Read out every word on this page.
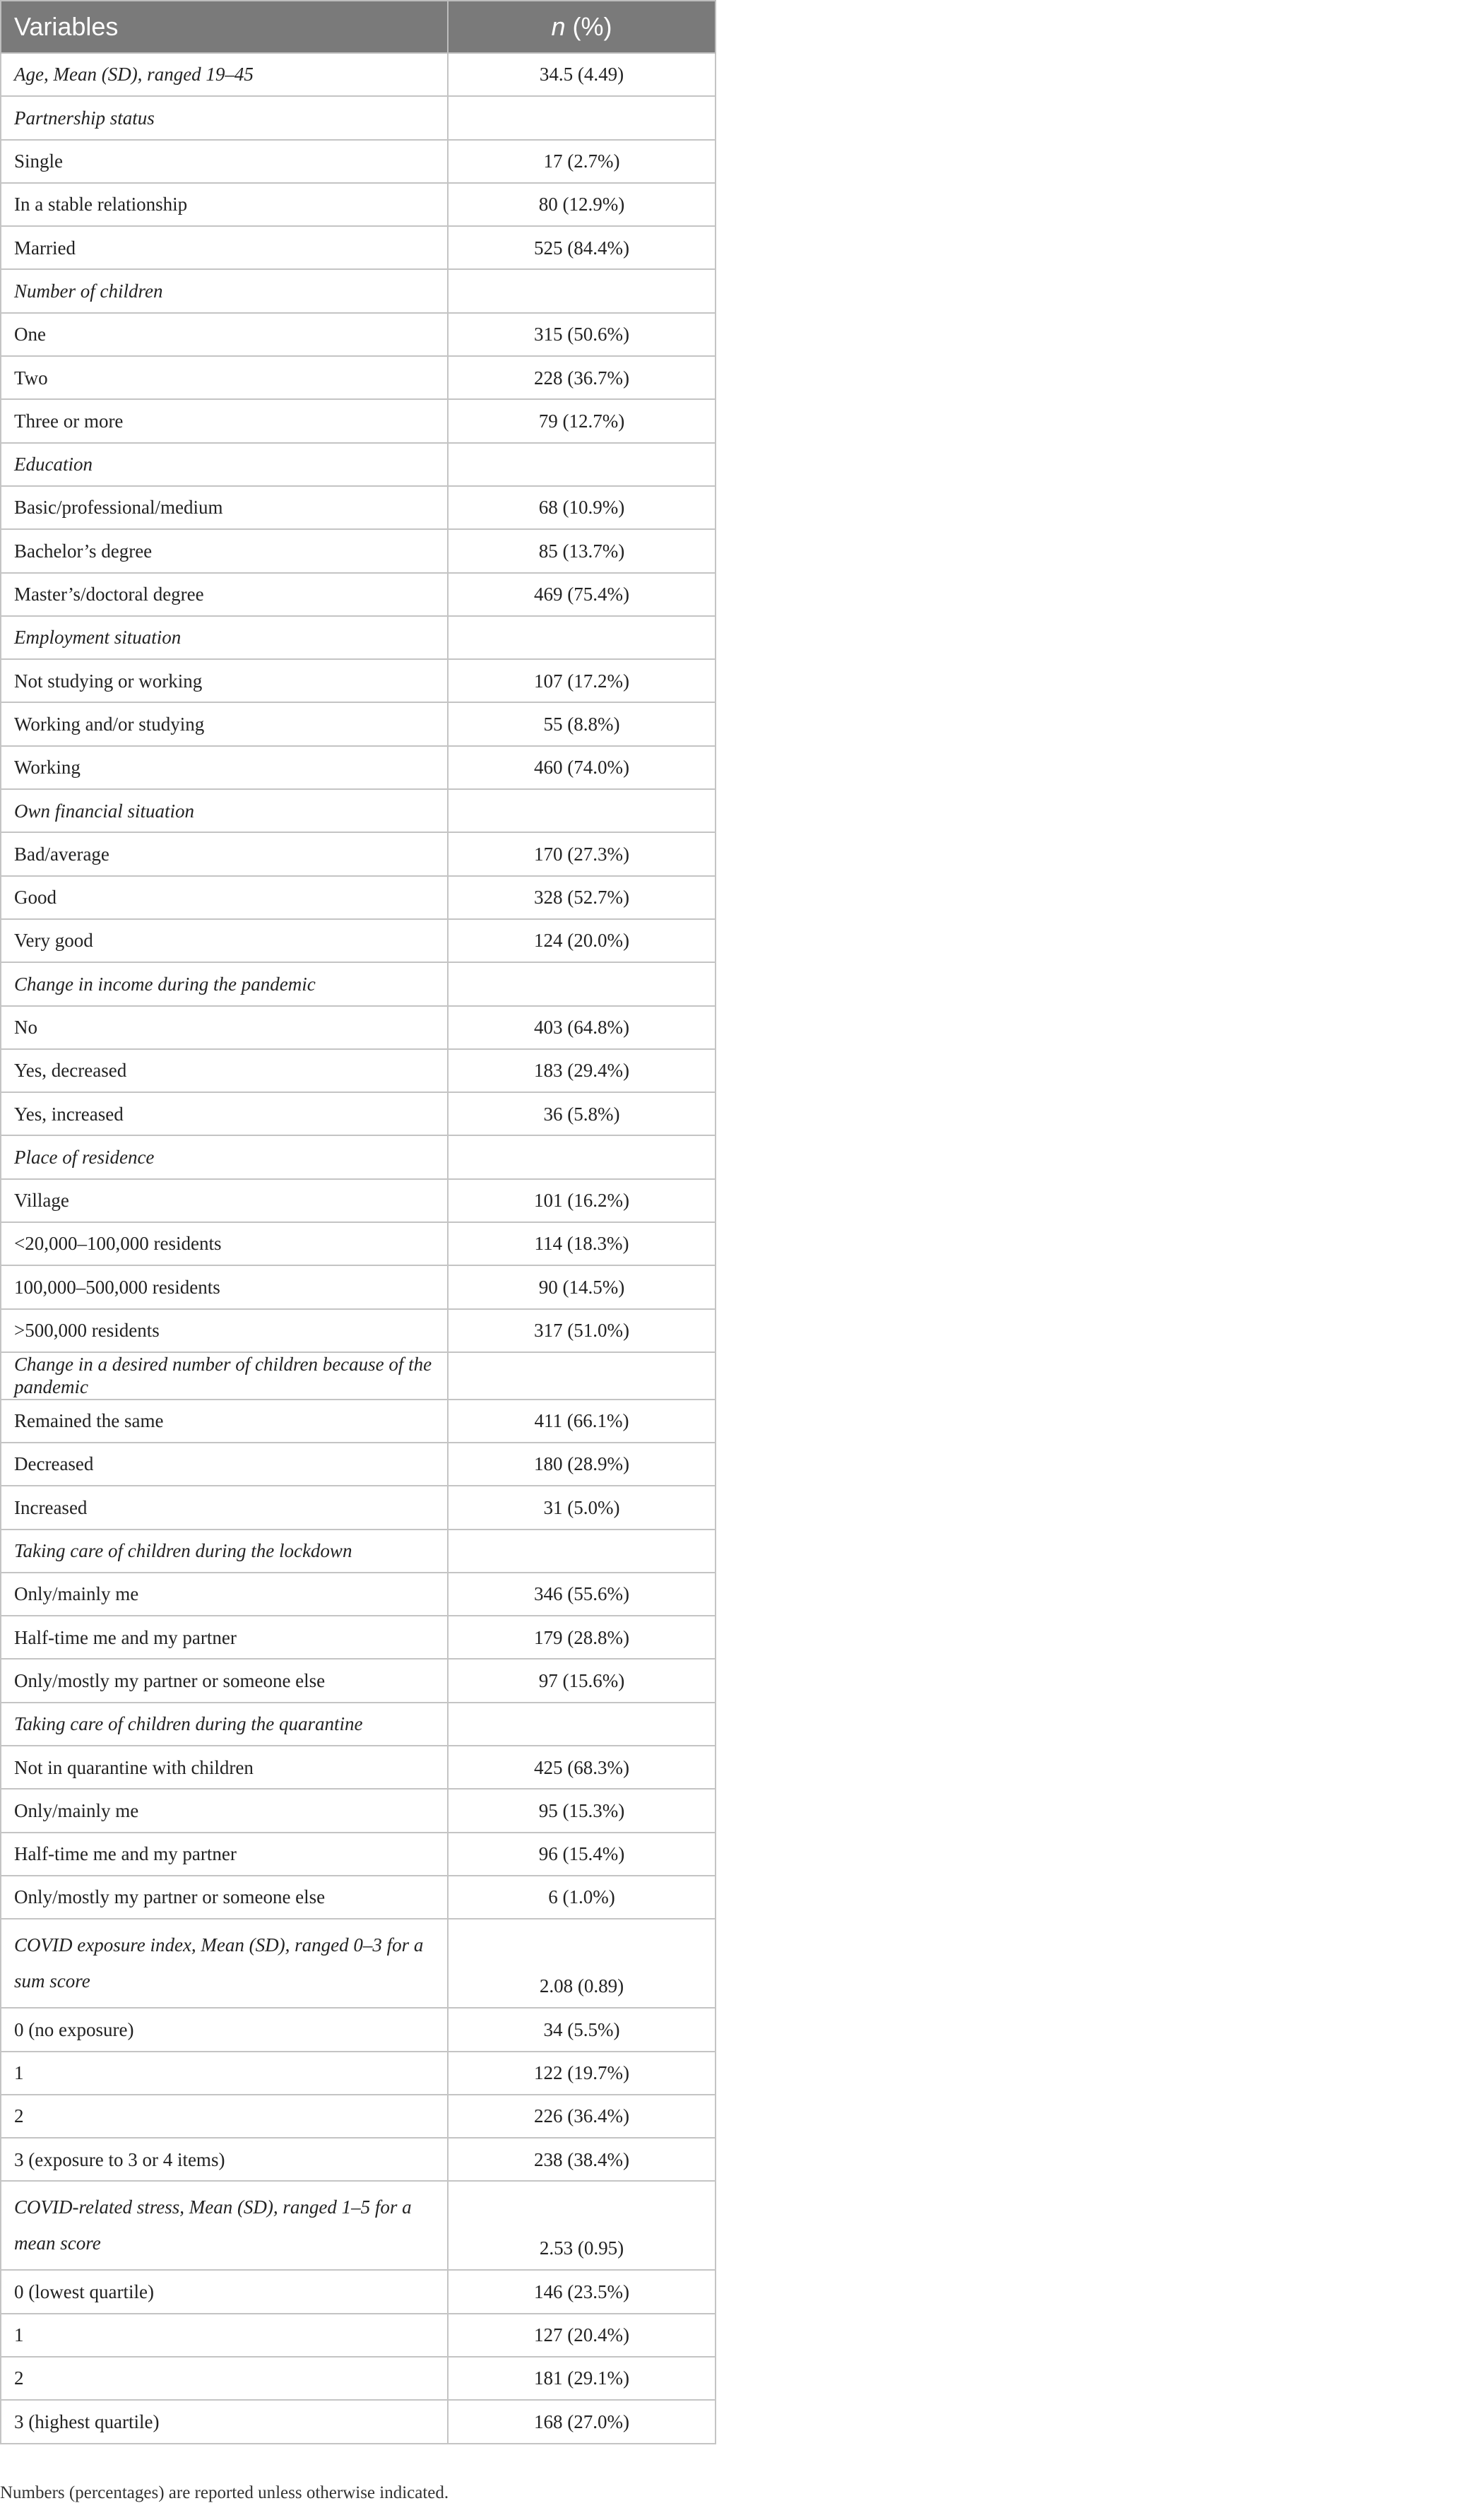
Variables	n (%)
Age, Mean (SD), ranged 19–45	34.5 (4.49)
Partnership status	
Single	17 (2.7%)
In a stable relationship	80 (12.9%)
Married	525 (84.4%)
Number of children	
One	315 (50.6%)
Two	228 (36.7%)
Three or more	79 (12.7%)
Education	
Basic/professional/medium	68 (10.9%)
Bachelor’s degree	85 (13.7%)
Master’s/doctoral degree	469 (75.4%)
Employment situation	
Not studying or working	107 (17.2%)
Working and/or studying	55 (8.8%)
Working	460 (74.0%)
Own financial situation	
Bad/average	170 (27.3%)
Good	328 (52.7%)
Very good	124 (20.0%)
Change in income during the pandemic	
No	403 (64.8%)
Yes, decreased	183 (29.4%)
Yes, increased	36 (5.8%)
Place of residence	
Village	101 (16.2%)
<20,000–100,000 residents	114 (18.3%)
100,000–500,000 residents	90 (14.5%)
>500,000 residents	317 (51.0%)
Change in a desired number of children because of the pandemic	
Remained the same	411 (66.1%)
Decreased	180 (28.9%)
Increased	31 (5.0%)
Taking care of children during the lockdown	
Only/mainly me	346 (55.6%)
Half-time me and my partner	179 (28.8%)
Only/mostly my partner or someone else	97 (15.6%)
Taking care of children during the quarantine	
Not in quarantine with children	425 (68.3%)
Only/mainly me	95 (15.3%)
Half-time me and my partner	96 (15.4%)
Only/mostly my partner or someone else	6 (1.0%)
COVID exposure index, Mean (SD), ranged 0–3 for a sum score	2.08 (0.89)
0 (no exposure)	34 (5.5%)
1	122 (19.7%)
2	226 (36.4%)
3 (exposure to 3 or 4 items)	238 (38.4%)
COVID-related stress, Mean (SD), ranged 1–5 for a mean score	2.53 (0.95)
0 (lowest quartile)	146 (23.5%)
1	127 (20.4%)
2	181 (29.1%)
3 (highest quartile)	168 (27.0%)
Numbers (percentages) are reported unless otherwise indicated.
